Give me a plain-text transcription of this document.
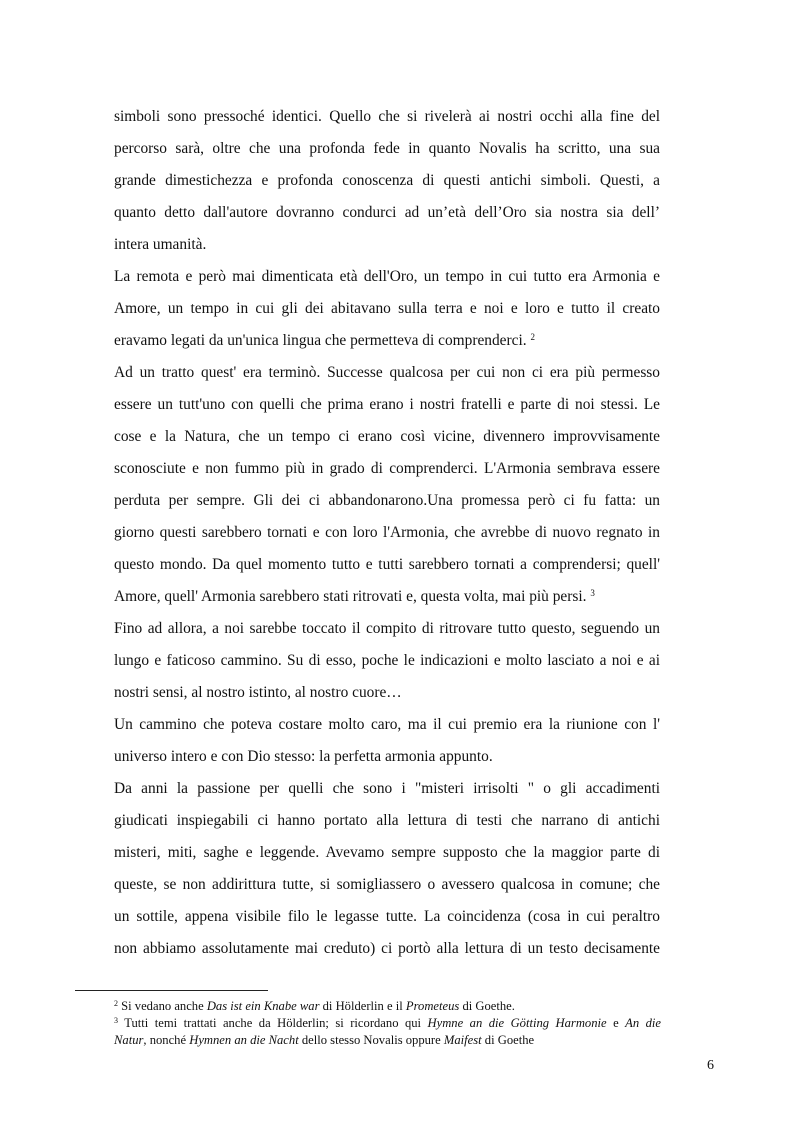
simboli sono pressoché identici. Quello che si rivelerà ai nostri occhi alla fine del
percorso sarà, oltre che una profonda fede in quanto Novalis ha scritto, una sua
grande dimestichezza e profonda conoscenza di questi antichi simboli. Questi, a
quanto detto dall'autore dovranno condurci ad un’età dell’Oro sia nostra sia dell’
intera umanità.
La remota e però mai dimenticata età dell'Oro, un tempo in cui tutto era Armonia e
Amore, un tempo in cui gli dei abitavano sulla terra e noi e loro e tutto il creato
eravamo legati da un'unica lingua che permetteva di comprenderci. $^2$
Ad un tratto quest' era terminò. Successe qualcosa per cui non ci era più permesso
essere un tutt'uno con quelli che prima erano i nostri fratelli e parte di noi stessi. Le
cose e la Natura, che un tempo ci erano così vicine, divennero improvvisamente
sconosciute e non fummo più in grado di comprenderci. L'Armonia sembrava essere
perduta per sempre. Gli dei ci abbandonarono.Una promessa però ci fu fatta: un
giorno questi sarebbero tornati e con loro l'Armonia, che avrebbe di nuovo regnato in
questo mondo. Da quel momento tutto e tutti sarebbero tornati a comprendersi; quell'
Amore, quell' Armonia sarebbero stati ritrovati e, questa volta, mai più persi. $^3$
Fino ad allora, a noi sarebbe toccato il compito di ritrovare tutto questo, seguendo un
lungo e faticoso cammino. Su di esso, poche le indicazioni e molto lasciato a noi e ai
nostri sensi, al nostro istinto, al nostro cuore…
Un cammino che poteva costare molto caro, ma il cui premio era la riunione con l'
universo intero e con Dio stesso: la perfetta armonia appunto.
Da anni la passione per quelli che sono i "misteri irrisolti " o gli accadimenti
giudicati inspiegabili ci hanno portato alla lettura di testi che narrano di antichi
misteri, miti, saghe e leggende. Avevamo sempre supposto che la maggior parte di
queste, se non addirittura tutte, si somigliassero o avessero qualcosa in comune; che
un sottile, appena visibile filo le legasse tutte. La coincidenza (cosa in cui peraltro
non abbiamo assolutamente mai creduto) ci portò alla lettura di un testo decisamente
$^2$ Si vedano anche Das ist ein Knabe war di Hölderlin e il Prometeus di Goethe.
$^3$ Tutti temi trattati anche da Hölderlin; si ricordano qui Hymne an die Götting Harmonie e An die
Natur, nonché Hymnen an die Nacht dello stesso Novalis oppure Maifest di Goethe
6
